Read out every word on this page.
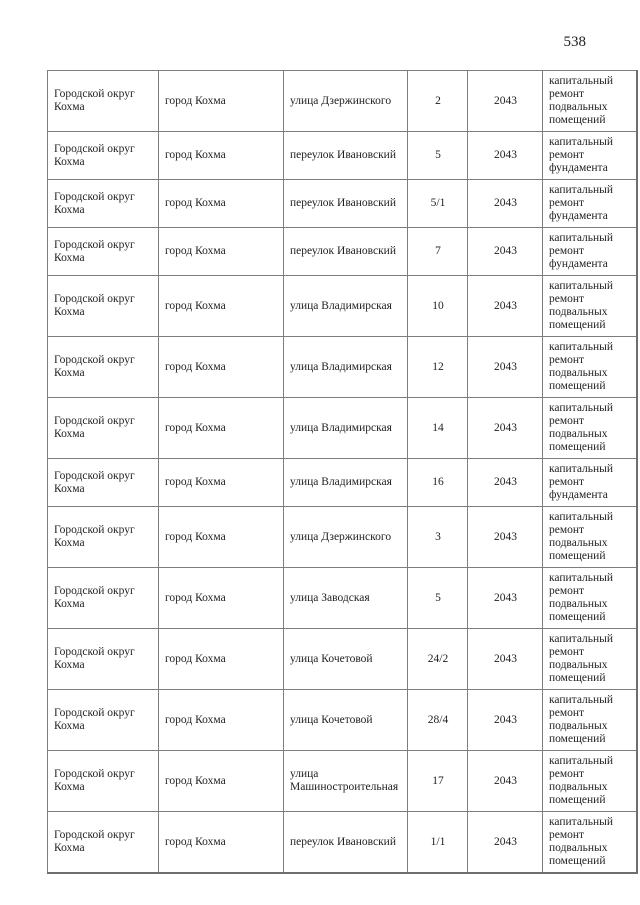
538
Городской округ Кохма	город Кохма	улица Дзержинского	2	2043	капитальный ремонт подвальных помещений
Городской округ Кохма	город Кохма	переулок Ивановский	5	2043	капитальный ремонт фундамента
Городской округ Кохма	город Кохма	переулок Ивановский	5/1	2043	капитальный ремонт фундамента
Городской округ Кохма	город Кохма	переулок Ивановский	7	2043	капитальный ремонт фундамента
Городской округ Кохма	город Кохма	улица Владимирская	10	2043	капитальный ремонт подвальных помещений
Городской округ Кохма	город Кохма	улица Владимирская	12	2043	капитальный ремонт подвальных помещений
Городской округ Кохма	город Кохма	улица Владимирская	14	2043	капитальный ремонт подвальных помещений
Городской округ Кохма	город Кохма	улица Владимирская	16	2043	капитальный ремонт фундамента
Городской округ Кохма	город Кохма	улица Дзержинского	3	2043	капитальный ремонт подвальных помещений
Городской округ Кохма	город Кохма	улица Заводская	5	2043	капитальный ремонт подвальных помещений
Городской округ Кохма	город Кохма	улица Кочетовой	24/2	2043	капитальный ремонт подвальных помещений
Городской округ Кохма	город Кохма	улица Кочетовой	28/4	2043	капитальный ремонт подвальных помещений
Городской округ Кохма	город Кохма	улица Машиностроительная	17	2043	капитальный ремонт подвальных помещений
Городской округ Кохма	город Кохма	переулок Ивановский	1/1	2043	капитальный ремонт подвальных помещений
